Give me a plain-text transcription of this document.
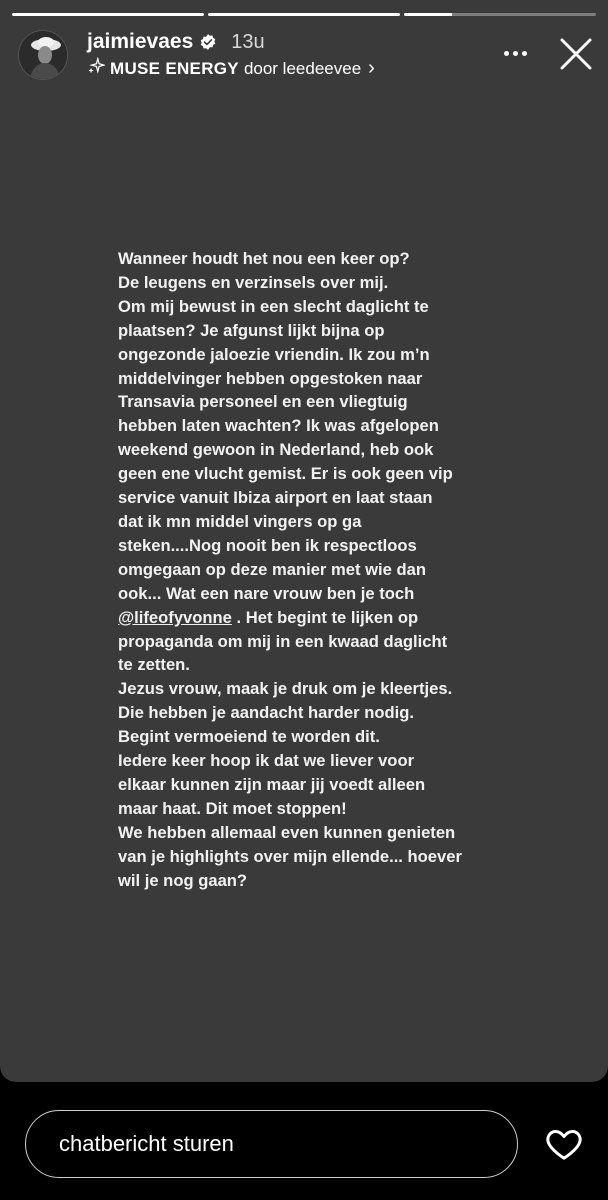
jaimievaes 13u
MUSE ENERGY door leedeevee ›
Wanneer houdt het nou een keer op?
De leugens en verzinsels over mij.
Om mij bewust in een slecht daglicht te
plaatsen? Je afgunst lijkt bijna op
ongezonde jaloezie vriendin. Ik zou m’n
middelvinger hebben opgestoken naar
Transavia personeel en een vliegtuig
hebben laten wachten? Ik was afgelopen
weekend gewoon in Nederland, heb ook
geen ene vlucht gemist. Er is ook geen vip
service vanuit Ibiza airport en laat staan
dat ik mn middel vingers op ga
steken....Nog nooit ben ik respectloos
omgegaan op deze manier met wie dan
ook... Wat een nare vrouw ben je toch
@lifeofyvonne . Het begint te lijken op
propaganda om mij in een kwaad daglicht
te zetten.
Jezus vrouw, maak je druk om je kleertjes.
Die hebben je aandacht harder nodig.
Begint vermoeiend te worden dit.
Iedere keer hoop ik dat we liever voor
elkaar kunnen zijn maar jij voedt alleen
maar haat. Dit moet stoppen!
We hebben allemaal even kunnen genieten
van je highlights over mijn ellende... hoever
wil je nog gaan?
chatbericht sturen
